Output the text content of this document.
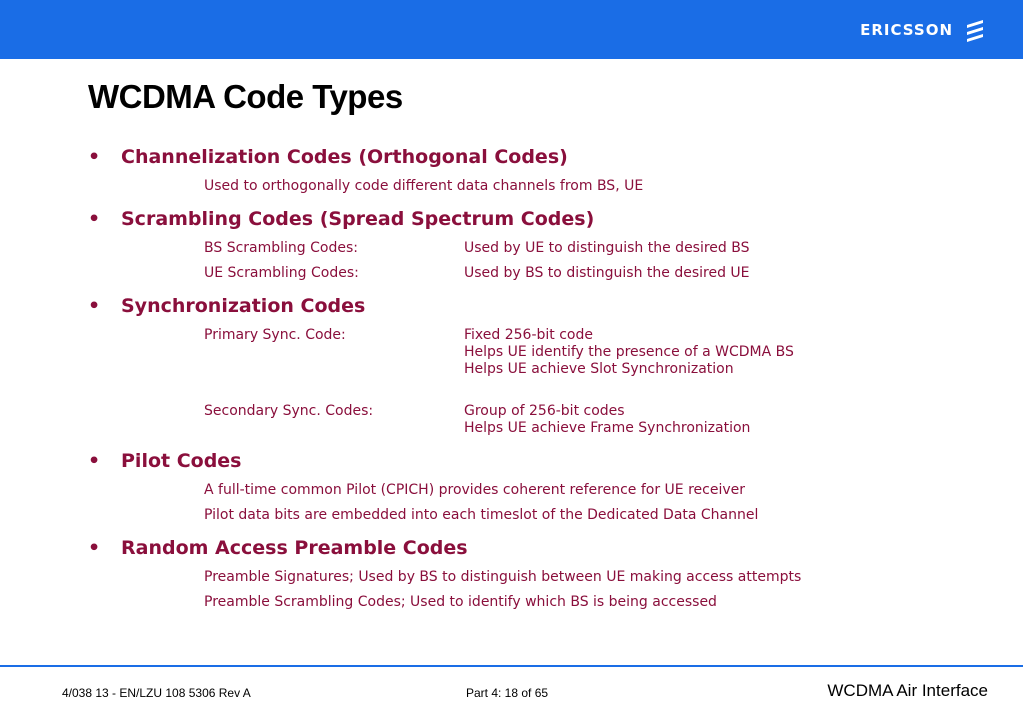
ERICSSON
WCDMA Code Types
•	Channelization Codes (Orthogonal Codes)
Used to orthogonally code different data channels from BS, UE
•	Scrambling Codes (Spread Spectrum Codes)
BS Scrambling Codes:	Used by UE to distinguish the desired BS
UE Scrambling Codes:	Used by BS to distinguish the desired UE
•	Synchronization Codes
Primary Sync. Code:	Fixed 256-bit code
Helps UE identify the presence of a WCDMA BS
Helps UE achieve Slot Synchronization
Secondary Sync. Codes:	Group of 256-bit codes
Helps UE achieve Frame Synchronization
•	Pilot Codes
A full-time common Pilot (CPICH) provides coherent reference for UE receiver
Pilot data bits are embedded into each timeslot of the Dedicated Data Channel
•	Random Access Preamble Codes
Preamble Signatures; Used by BS to distinguish between UE making access attempts
Preamble Scrambling Codes; Used to identify which BS is being accessed
4/038 13 - EN/LZU 108 5306 Rev A	Part 4: 18 of 65	WCDMA Air Interface
